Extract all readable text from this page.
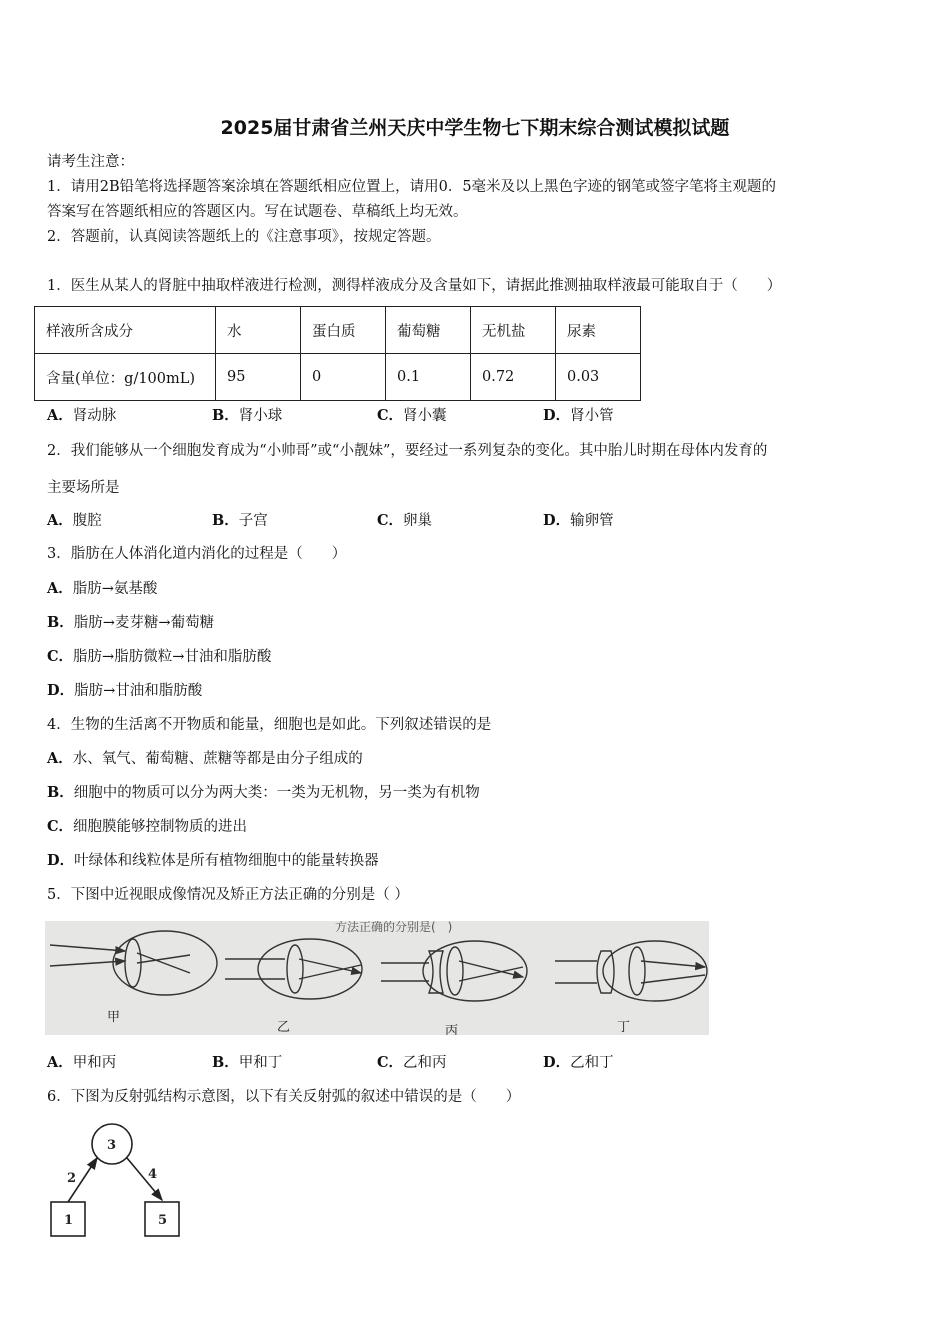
2025届甘肃省兰州天庆中学生物七下期末综合测试模拟试题
请考生注意：
1．请用2B铅笔将选择题答案涂填在答题纸相应位置上，请用0．5毫米及以上黑色字迹的钢笔或签字笔将主观题的
答案写在答题纸相应的答题区内。写在试题卷、草稿纸上均无效。
2．答题前，认真阅读答题纸上的《注意事项》，按规定答题。
1．医生从某人的肾脏中抽取样液进行检测，测得样液成分及含量如下，请据此推测抽取样液最可能取自于（　　）
样液所含成分	水	蛋白质	葡萄糖	无机盐	尿素
含量(单位：g/100mL)	95	0	0.1	0.72	0.03
A．肾动脉	B．肾小球	C．肾小囊	D．肾小管
2．我们能够从一个细胞发育成为“小帅哥”或“小靓妹”，要经过一系列复杂的变化。其中胎儿时期在母体内发育的
主要场所是
A．腹腔	B．子宫	C．卵巢	D．输卵管
3．脂肪在人体消化道内消化的过程是（　　）
A．脂肪→氨基酸
B．脂肪→麦芽糖→葡萄糖
C．脂肪→脂肪微粒→甘油和脂肪酸
D．脂肪→甘油和脂肪酸
4．生物的生活离不开物质和能量，细胞也是如此。下列叙述错误的是
A．水、氧气、葡萄糖、蔗糖等都是由分子组成的
B．细胞中的物质可以分为两大类：一类为无机物，另一类为有机物
C．细胞膜能够控制物质的进出
D．叶绿体和线粒体是所有植物细胞中的能量转换器
5．下图中近视眼成像情况及矫正方法正确的分别是（ ）
方法正确的分别是(　)
甲
乙	丙	丁
A．甲和丙	B．甲和丁	C．乙和丙	D．乙和丁
6．下图为反射弧结构示意图，以下有关反射弧的叙述中错误的是（　　）
3
1	5
2	4
